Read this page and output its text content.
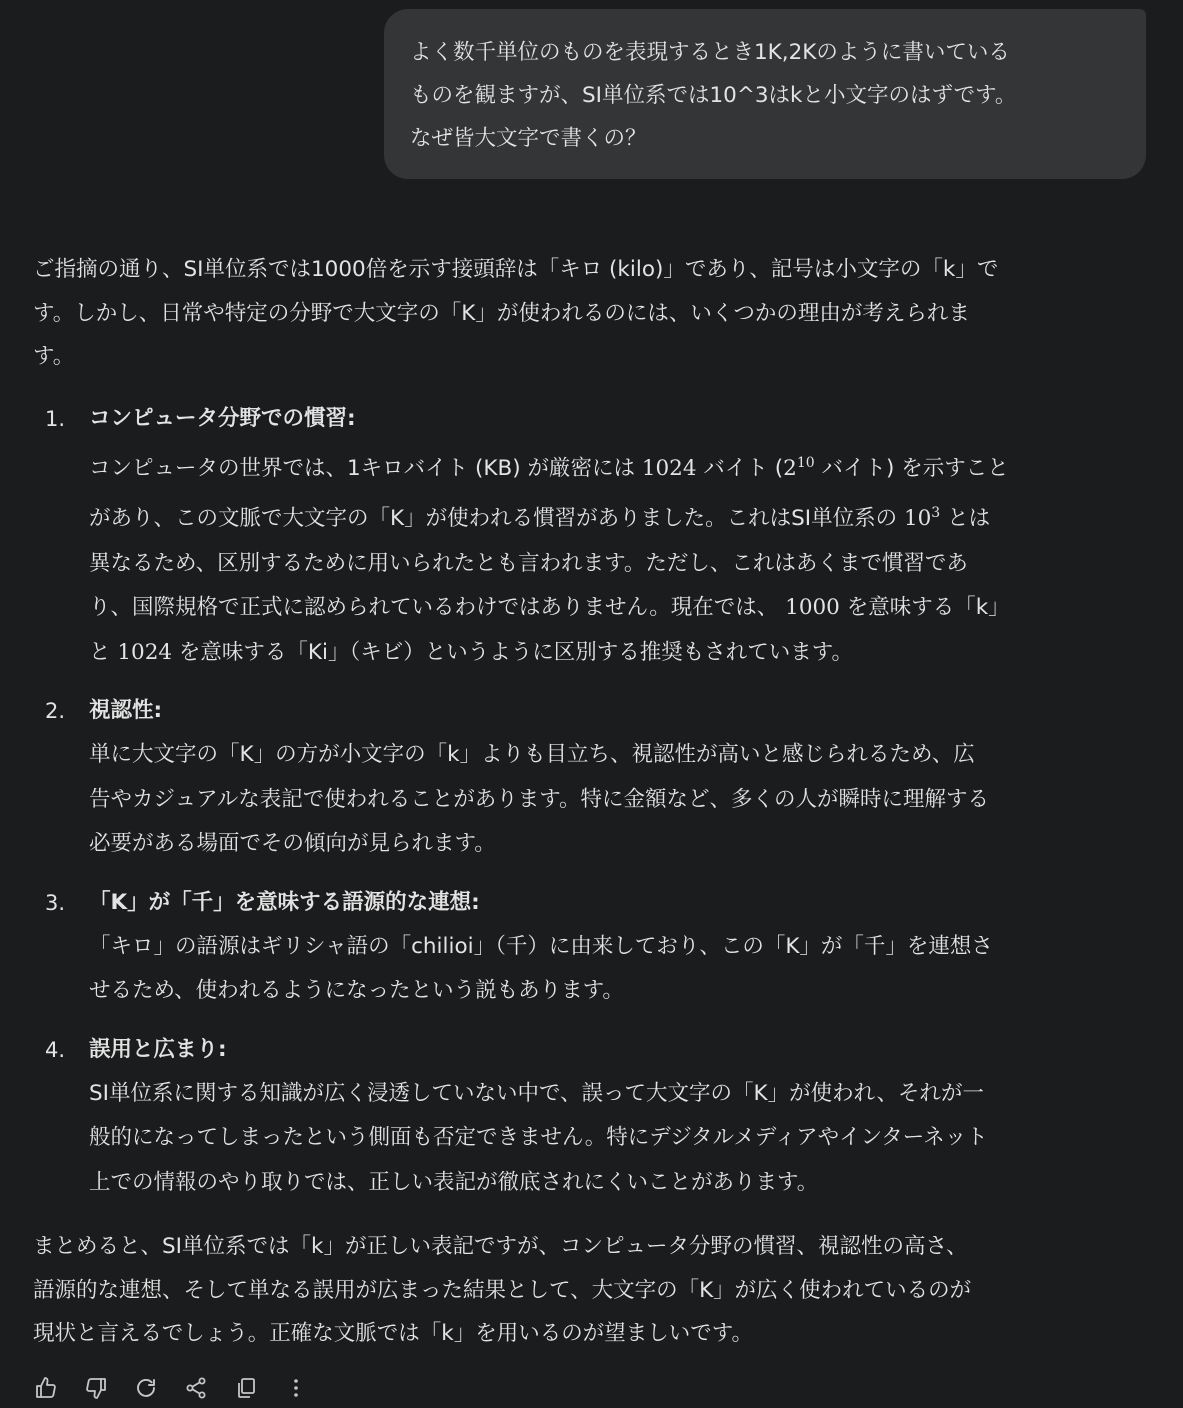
よく数千単位のものを表現するとき1K,2Kのように書いている
ものを観ますが、SI単位系では10^3はkと小文字のはずです。
なぜ皆大文字で書くの？
ご指摘の通り、SI単位系では1000倍を示す接頭辞は「キロ (kilo)」であり、記号は小文字の「k」で
す。しかし、日常や特定の分野で大文字の「K」が使われるのには、いくつかの理由が考えられま
す。
1. コンピュータ分野での慣習:
コンピュータの世界では、1キロバイト (KB) が厳密には 1024 バイト ($2^{10}$ バイト) を示すこと
があり、この文脈で大文字の「K」が使われる慣習がありました。これはSI単位系の $10^3$ とは
異なるため、区別するために用いられたとも言われます。ただし、これはあくまで慣習であ
り、国際規格で正式に認められているわけではありません。現在では、 1000 を意味する「k」
と 1024 を意味する「Ki」（キビ）というように区別する推奨もされています。
2. 視認性:
単に大文字の「K」の方が小文字の「k」よりも目立ち、視認性が高いと感じられるため、広
告やカジュアルな表記で使われることがあります。特に金額など、多くの人が瞬時に理解する
必要がある場面でその傾向が見られます。
3. 「K」が「千」を意味する語源的な連想:
「キロ」の語源はギリシャ語の「chilioi」（千）に由来しており、この「K」が「千」を連想さ
せるため、使われるようになったという説もあります。
4. 誤用と広まり:
SI単位系に関する知識が広く浸透していない中で、誤って大文字の「K」が使われ、それが一
般的になってしまったという側面も否定できません。特にデジタルメディアやインターネット
上での情報のやり取りでは、正しい表記が徹底されにくいことがあります。
まとめると、SI単位系では「k」が正しい表記ですが、コンピュータ分野の慣習、視認性の高さ、
語源的な連想、そして単なる誤用が広まった結果として、大文字の「K」が広く使われているのが
現状と言えるでしょう。正確な文脈では「k」を用いるのが望ましいです。
